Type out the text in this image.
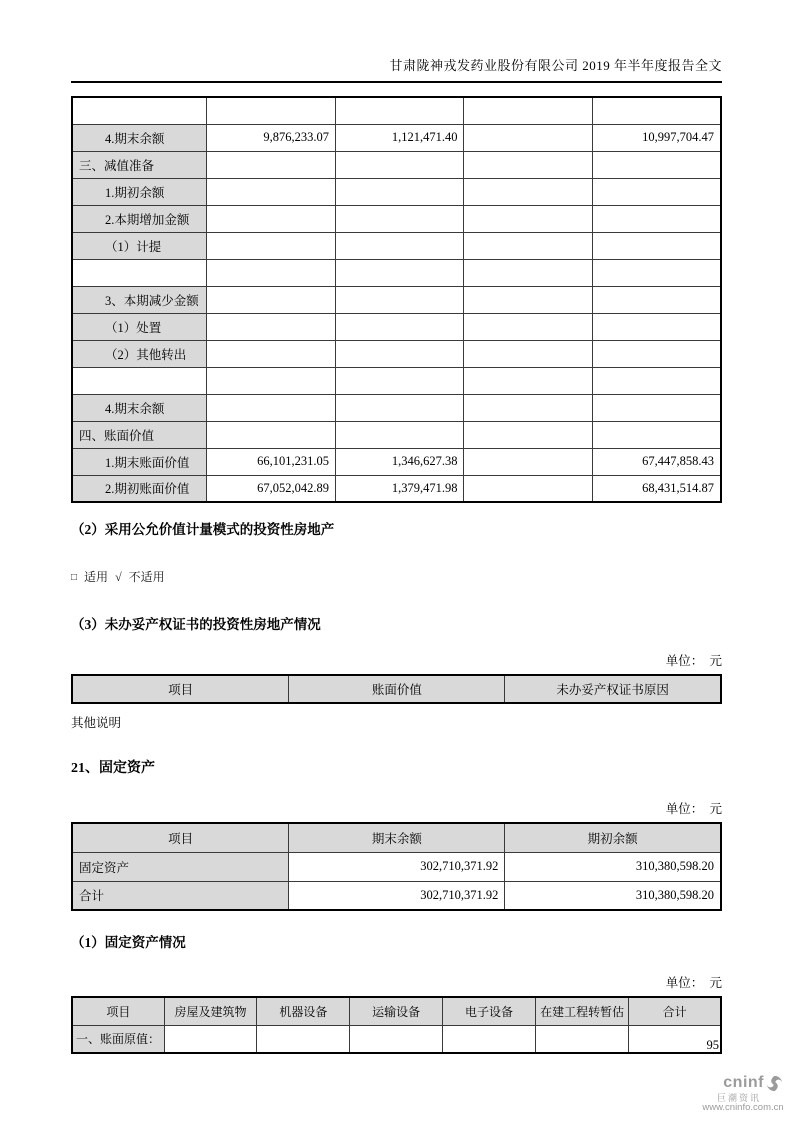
甘肃陇神戎发药业股份有限公司 2019 年半年度报告全文

4.期末余额	9,876,233.07	1,121,471.40		10,997,704.47
三、减值准备				
1.期初余额				
2.本期增加金额				
（1）计提				

3、本期减少金额				
（1）处置				
（2）其他转出				

4.期末余额				
四、账面价值				
1.期末账面价值	66,101,231.05	1,346,627.38		67,447,858.43
2.期初账面价值	67,052,042.89	1,379,471.98		68,431,514.87
（2）采用公允价值计量模式的投资性房地产
□ 适用 √ 不适用
（3）未办妥产权证书的投资性房地产情况
单位：  元
项目	账面价值	未办妥产权证书原因
其他说明
21、固定资产
单位：  元
项目	期末余额	期初余额
固定资产	302,710,371.92	310,380,598.20
合计	302,710,371.92	310,380,598.20
（1）固定资产情况
单位：  元
项目	房屋及建筑物	机器设备	运输设备	电子设备	在建工程转暂估	合计
一、账面原值：							95
cninf
巨潮资讯
www.cninfo.com.cn
